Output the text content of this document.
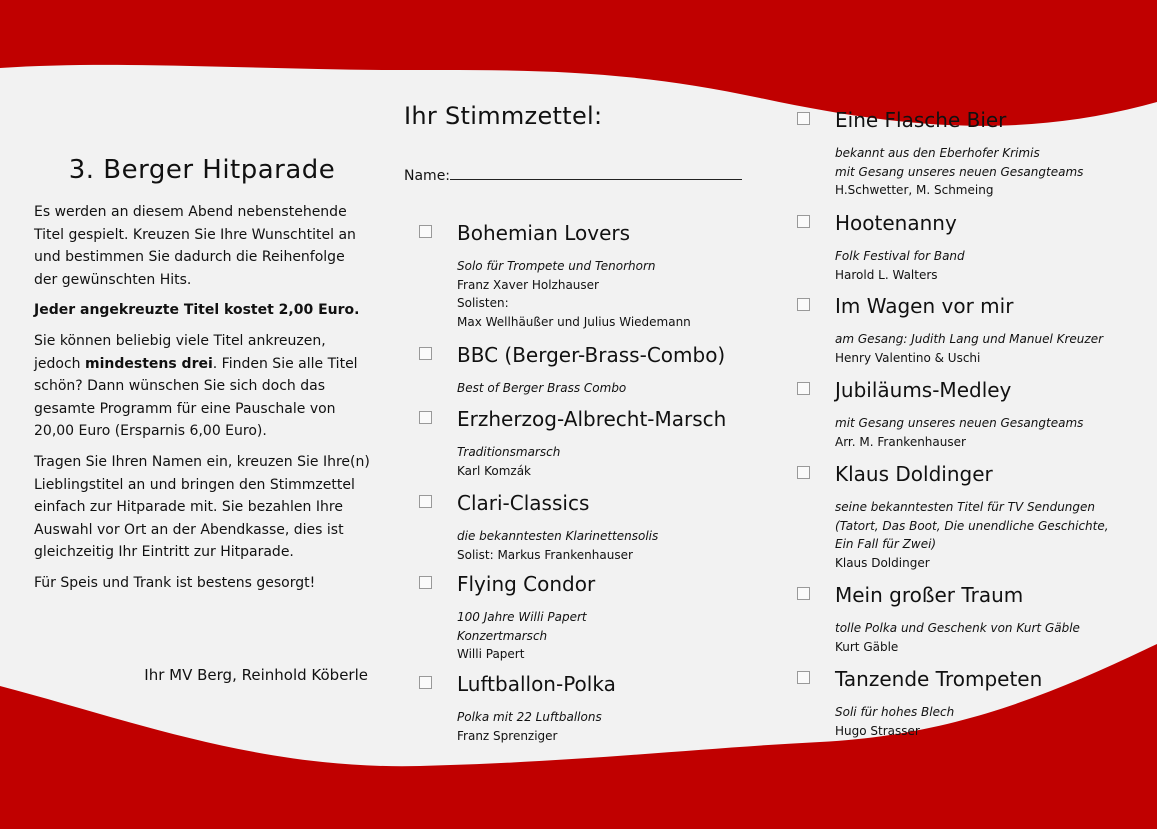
3. Berger Hitparade

Es werden an diesem Abend nebenstehende Titel gespielt. Kreuzen Sie Ihre Wunschtitel an und bestimmen Sie dadurch die Reihenfolge der gewünschten Hits.

Jeder angekreuzte Titel kostet 2,00 Euro.

Sie können beliebig viele Titel ankreuzen, jedoch mindestens drei. Finden Sie alle Titel schön? Dann wünschen Sie sich doch das gesamte Programm für eine Pauschale von 20,00 Euro (Ersparnis 6,00 Euro).

Tragen Sie Ihren Namen ein, kreuzen Sie Ihre(n) Lieblingstitel an und bringen den Stimmzettel einfach zur Hitparade mit. Sie bezahlen Ihre Auswahl vor Ort an der Abendkasse, dies ist gleichzeitig Ihr Eintritt zur Hitparade.

Für Speis und Trank ist bestens gesorgt!

Ihr MV Berg, Reinhold Köberle
Ihr Stimmzettel:
Name:
Bohemian Lovers
Solo für Trompete und Tenorhorn
Franz Xaver Holzhauser
Solisten:
Max Wellhäußer und Julius Wiedemann
BBC (Berger-Brass-Combo)
Best of Berger Brass Combo
Erzherzog-Albrecht-Marsch
Traditionsmarsch
Karl Komzák
Clari-Classics
die bekanntesten Klarinettensolis
Solist: Markus Frankenhauser
Flying Condor
100 Jahre Willi Papert
Konzertmarsch
Willi Papert
Luftballon-Polka
Polka mit 22 Luftballons
Franz Sprenziger
Eine Flasche Bier
bekannt aus den Eberhofer Krimis
mit Gesang unseres neuen Gesangteams
H.Schwetter, M. Schmeing
Hootenanny
Folk Festival for Band
Harold L. Walters
Im Wagen vor mir
am Gesang: Judith Lang und Manuel Kreuzer
Henry Valentino & Uschi
Jubiläums-Medley
mit Gesang unseres neuen Gesangteams
Arr. M. Frankenhauser
Klaus Doldinger
seine bekanntesten Titel für TV Sendungen
(Tatort, Das Boot, Die unendliche Geschichte,
Ein Fall für Zwei)
Klaus Doldinger
Mein großer Traum
tolle Polka und Geschenk von Kurt Gäble
Kurt Gäble
Tanzende Trompeten
Soli für hohes Blech
Hugo Strasser
